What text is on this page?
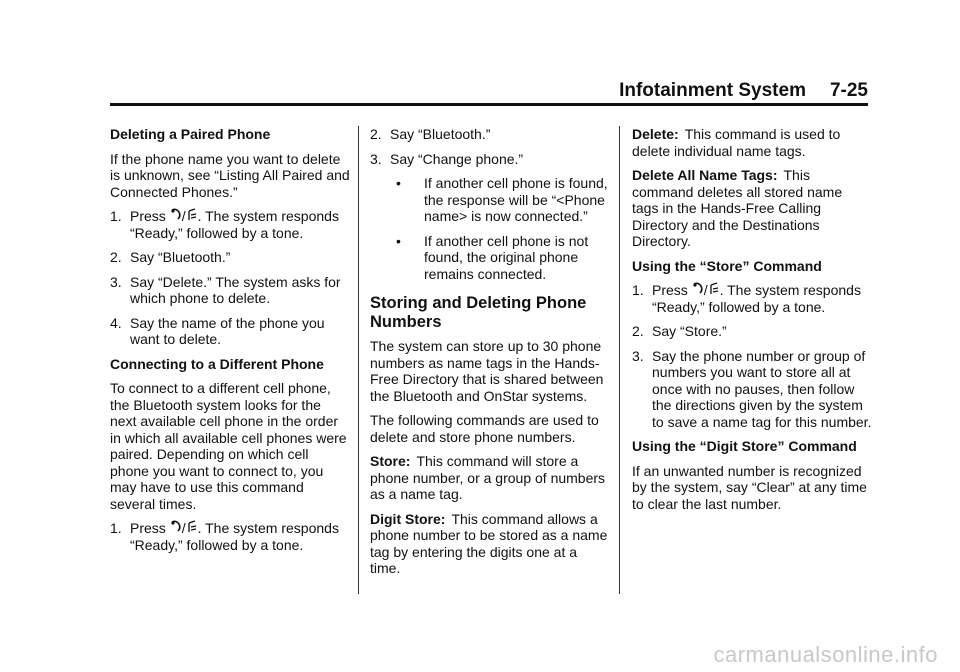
Infotainment System 7-25

Deleting a Paired Phone

If the phone name you want to delete is unknown, see “Listing All Paired and Connected Phones.”

1. Press / . The system responds “Ready,” followed by a tone.
2. Say “Bluetooth.”
3. Say “Delete.” The system asks for which phone to delete.
4. Say the name of the phone you want to delete.

Connecting to a Different Phone

To connect to a different cell phone, the Bluetooth system looks for the next available cell phone in the order in which all available cell phones were paired. Depending on which cell phone you want to connect to, you may have to use this command several times.

1. Press / . The system responds “Ready,” followed by a tone.
2. Say “Bluetooth.”
3. Say “Change phone.”
•	If another cell phone is found, the response will be “<Phone name> is now connected.”
•	If another cell phone is not found, the original phone remains connected.
Storing and Deleting Phone Numbers

The system can store up to 30 phone numbers as name tags in the Hands-Free Directory that is shared between the Bluetooth and OnStar systems.

The following commands are used to delete and store phone numbers.

Store: This command will store a phone number, or a group of numbers as a name tag.

Digit Store: This command allows a phone number to be stored as a name tag by entering the digits one at a time.

Delete: This command is used to delete individual name tags.

Delete All Name Tags: This command deletes all stored name tags in the Hands-Free Calling Directory and the Destinations Directory.

Using the “Store” Command

1. Press / . The system responds “Ready,” followed by a tone.
2. Say “Store.”
3. Say the phone number or group of numbers you want to store all at once with no pauses, then follow the directions given by the system to save a name tag for this number.

Using the “Digit Store” Command

If an unwanted number is recognized by the system, say “Clear” at any time to clear the last number.

carmanualsonline.info
